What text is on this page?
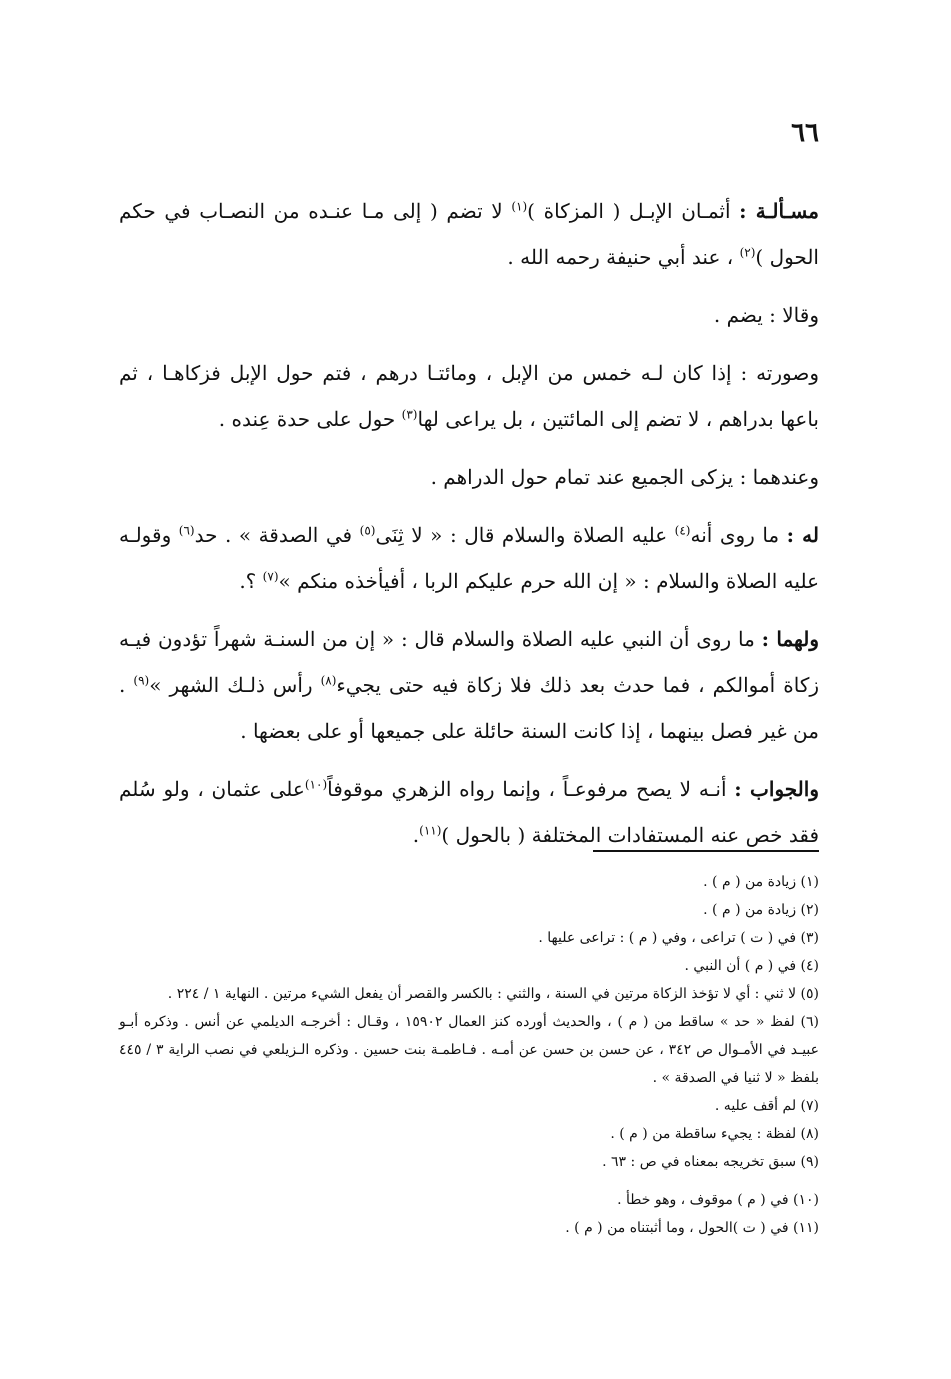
٦٦

مسـألـة : أثمـان الإبـل ( المزكاة )$^{(١)}$ لا تضم ( إلى مـا عنـده من النصـاب في حكم الحول )$^{(٢)}$ ، عند أبي حنيفة رحمه الله .

وقالا : يضم .

وصورته : إذا كان لـه خمس من الإبل ، ومائتـا درهم ، فتم حول الإبل فزكاهـا ، ثم باعها بدراهم ، لا تضم إلى المائتين ، بل يراعى لها$^{(٣)}$ حول على حدة عِنده .

وعندهما : يزكى الجميع عند تمام حول الدراهم .

له : ما روى أنه$^{(٤)}$ عليه الصلاة والسلام قال : « لا ثِنَى$^{(٥)}$ في الصدقة » . حد$^{(٦)}$ وقولـه عليه الصلاة والسلام : « إن الله حرم عليكم الربا ، أفيأخذه منكم »$^{(٧)}$ ؟.

ولهما : ما روى أن النبي عليه الصلاة والسلام قال : « إن من السنـة شهراً تؤدون فيـه زكاة أموالكم ، فما حدث بعد ذلك فلا زكاة فيه حتى يجيء$^{(٨)}$ رأس ذلـك الشهر »$^{(٩)}$ . من غير فصل بينهما ، إذا كانت السنة حائلة على جميعها أو على بعضها .

والجواب : أنـه لا يصح مرفوعـاً ، وإنما رواه الزهري موقوفاً$^{(١٠)}$على عثمان ، ولو سُلم فقد خص عنه المستفادات المختلفة ( بالحول )$^{(١١)}$.

(١) زيادة من ( م ) .
(٢) زيادة من ( م ) .
(٣) في ( ت ) تراعى ، وفي ( م ) : تراعى عليها .
(٤) في ( م ) أن النبي .
(٥) لا ثني : أي لا تؤخذ الزكاة مرتين في السنة ، والثني : بالكسر والقصر أن يفعل الشيء مرتين . النهاية ١ / ٢٢٤ .
(٦) لفظ « حد » ساقط من ( م ) ، والحديث أورده كنز العمال ١٥٩٠٢ ، وقـال : أخرجـه الديلمي عن أنس . وذكره أبـو عبيـد في الأمـوال ص ٣٤٢ ، عن حسن بن حسن عن أمـه . فـاطمـة بنت حسين . وذكره الـزيلعي في نصب الراية ٣ / ٤٤٥ بلفظ « لا ثنيا في الصدقة » .
(٧) لم أقف عليه .
(٨) لفظة : يجيء ساقطة من ( م ) .
(٩) سبق تخريجه بمعناه في ص : ٦٣ .
(١٠) في ( م ) موقوف ، وهو خطأ .
(١١) في ( ت )الحول ، وما أثبتناه من ( م ) .
